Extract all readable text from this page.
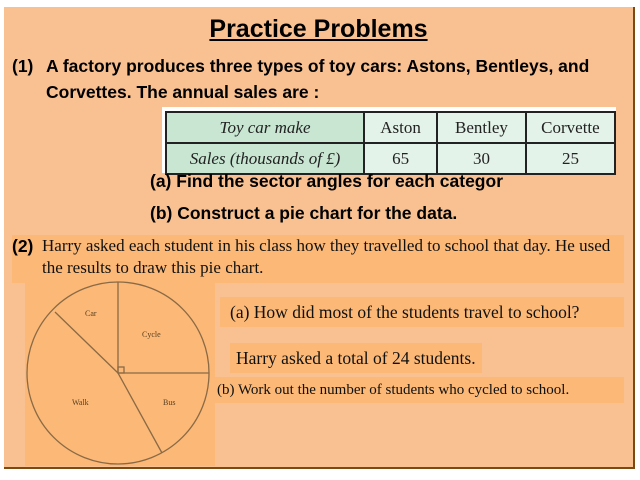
Practice Problems
(1) A factory produces three types of toy cars: Astons, Bentleys, and Corvettes. The annual sales are :
Toy car make	Aston	Bentley	Corvette
Sales (thousands of £)	65	30	25
(a) Find the sector angles for each categor
(b) Construct a pie chart for the data.
(2) Harry asked each student in his class how they travelled to school that day. He used the results to draw this pie chart.
Car
Cycle
Walk	Bus
(a) How did most of the students travel to school?
Harry asked a total of 24 students.
(b) Work out the number of students who cycled to school.
